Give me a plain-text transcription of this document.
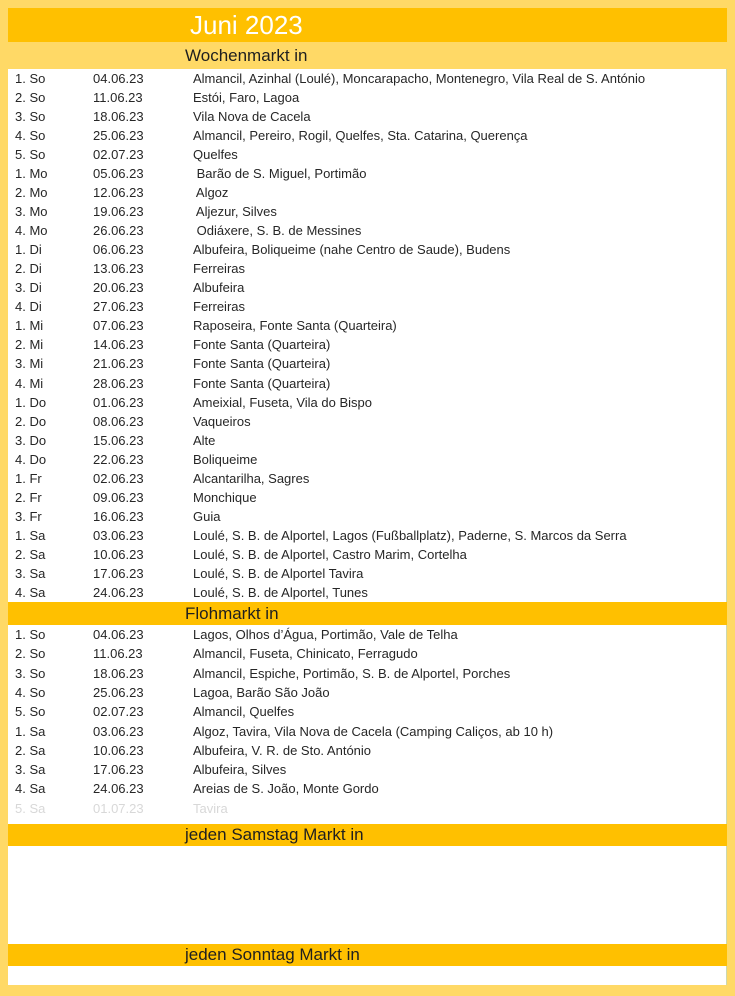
Juni 2023
Wochenmarkt in
1. So	04.06.23	Almancil, Azinhal (Loulé), Moncarapacho, Montenegro, Vila Real de S. António
2. So	11.06.23	Estói, Faro, Lagoa
3. So	18.06.23	Vila Nova de Cacela
4. So	25.06.23	Almancil, Pereiro, Rogil, Quelfes, Sta. Catarina, Querença
5. So	02.07.23	Quelfes
1. Mo	05.06.23	Barão de S. Miguel, Portimão
2. Mo	12.06.23	Algoz
3. Mo	19.06.23	Aljezur, Silves
4. Mo	26.06.23	Odiáxere, S. B. de Messines
1. Di	06.06.23	Albufeira, Boliqueime (nahe Centro de Saude), Budens
2. Di	13.06.23	Ferreiras
3. Di	20.06.23	Albufeira
4. Di	27.06.23	Ferreiras
1. Mi	07.06.23	Raposeira, Fonte Santa (Quarteira)
2. Mi	14.06.23	Fonte Santa (Quarteira)
3. Mi	21.06.23	Fonte Santa (Quarteira)
4. Mi	28.06.23	Fonte Santa (Quarteira)
1. Do	01.06.23	Ameixial, Fuseta, Vila do Bispo
2. Do	08.06.23	Vaqueiros
3. Do	15.06.23	Alte
4. Do	22.06.23	Boliqueime
1. Fr	02.06.23	Alcantarilha, Sagres
2. Fr	09.06.23	Monchique
3. Fr	16.06.23	Guia
1. Sa	03.06.23	Loulé, S. B. de Alportel, Lagos (Fußballplatz), Paderne, S. Marcos da Serra
2. Sa	10.06.23	Loulé, S. B. de Alportel, Castro Marim, Cortelha
3. Sa	17.06.23	Loulé, S. B. de Alportel Tavira
4. Sa	24.06.23	Loulé, S. B. de Alportel, Tunes
Flohmarkt in
1. So	04.06.23	Lagos, Olhos d’Água, Portimão, Vale de Telha
2. So	11.06.23	Almancil, Fuseta, Chinicato, Ferragudo
3. So	18.06.23	Almancil, Espiche, Portimão, S. B. de Alportel, Porches
4. So	25.06.23	Lagoa, Barão São João
5. So	02.07.23	Almancil, Quelfes
1. Sa	03.06.23	Algoz, Tavira, Vila Nova de Cacela (Camping Caliços, ab 10 h)
2. Sa	10.06.23	Albufeira, V. R. de Sto. António
3. Sa	17.06.23	Albufeira, Silves
4. Sa	24.06.23	Areias de S. João, Monte Gordo
5. Sa	01.07.23	Tavira
jeden Samstag Markt in

jeden Sonntag Markt in
